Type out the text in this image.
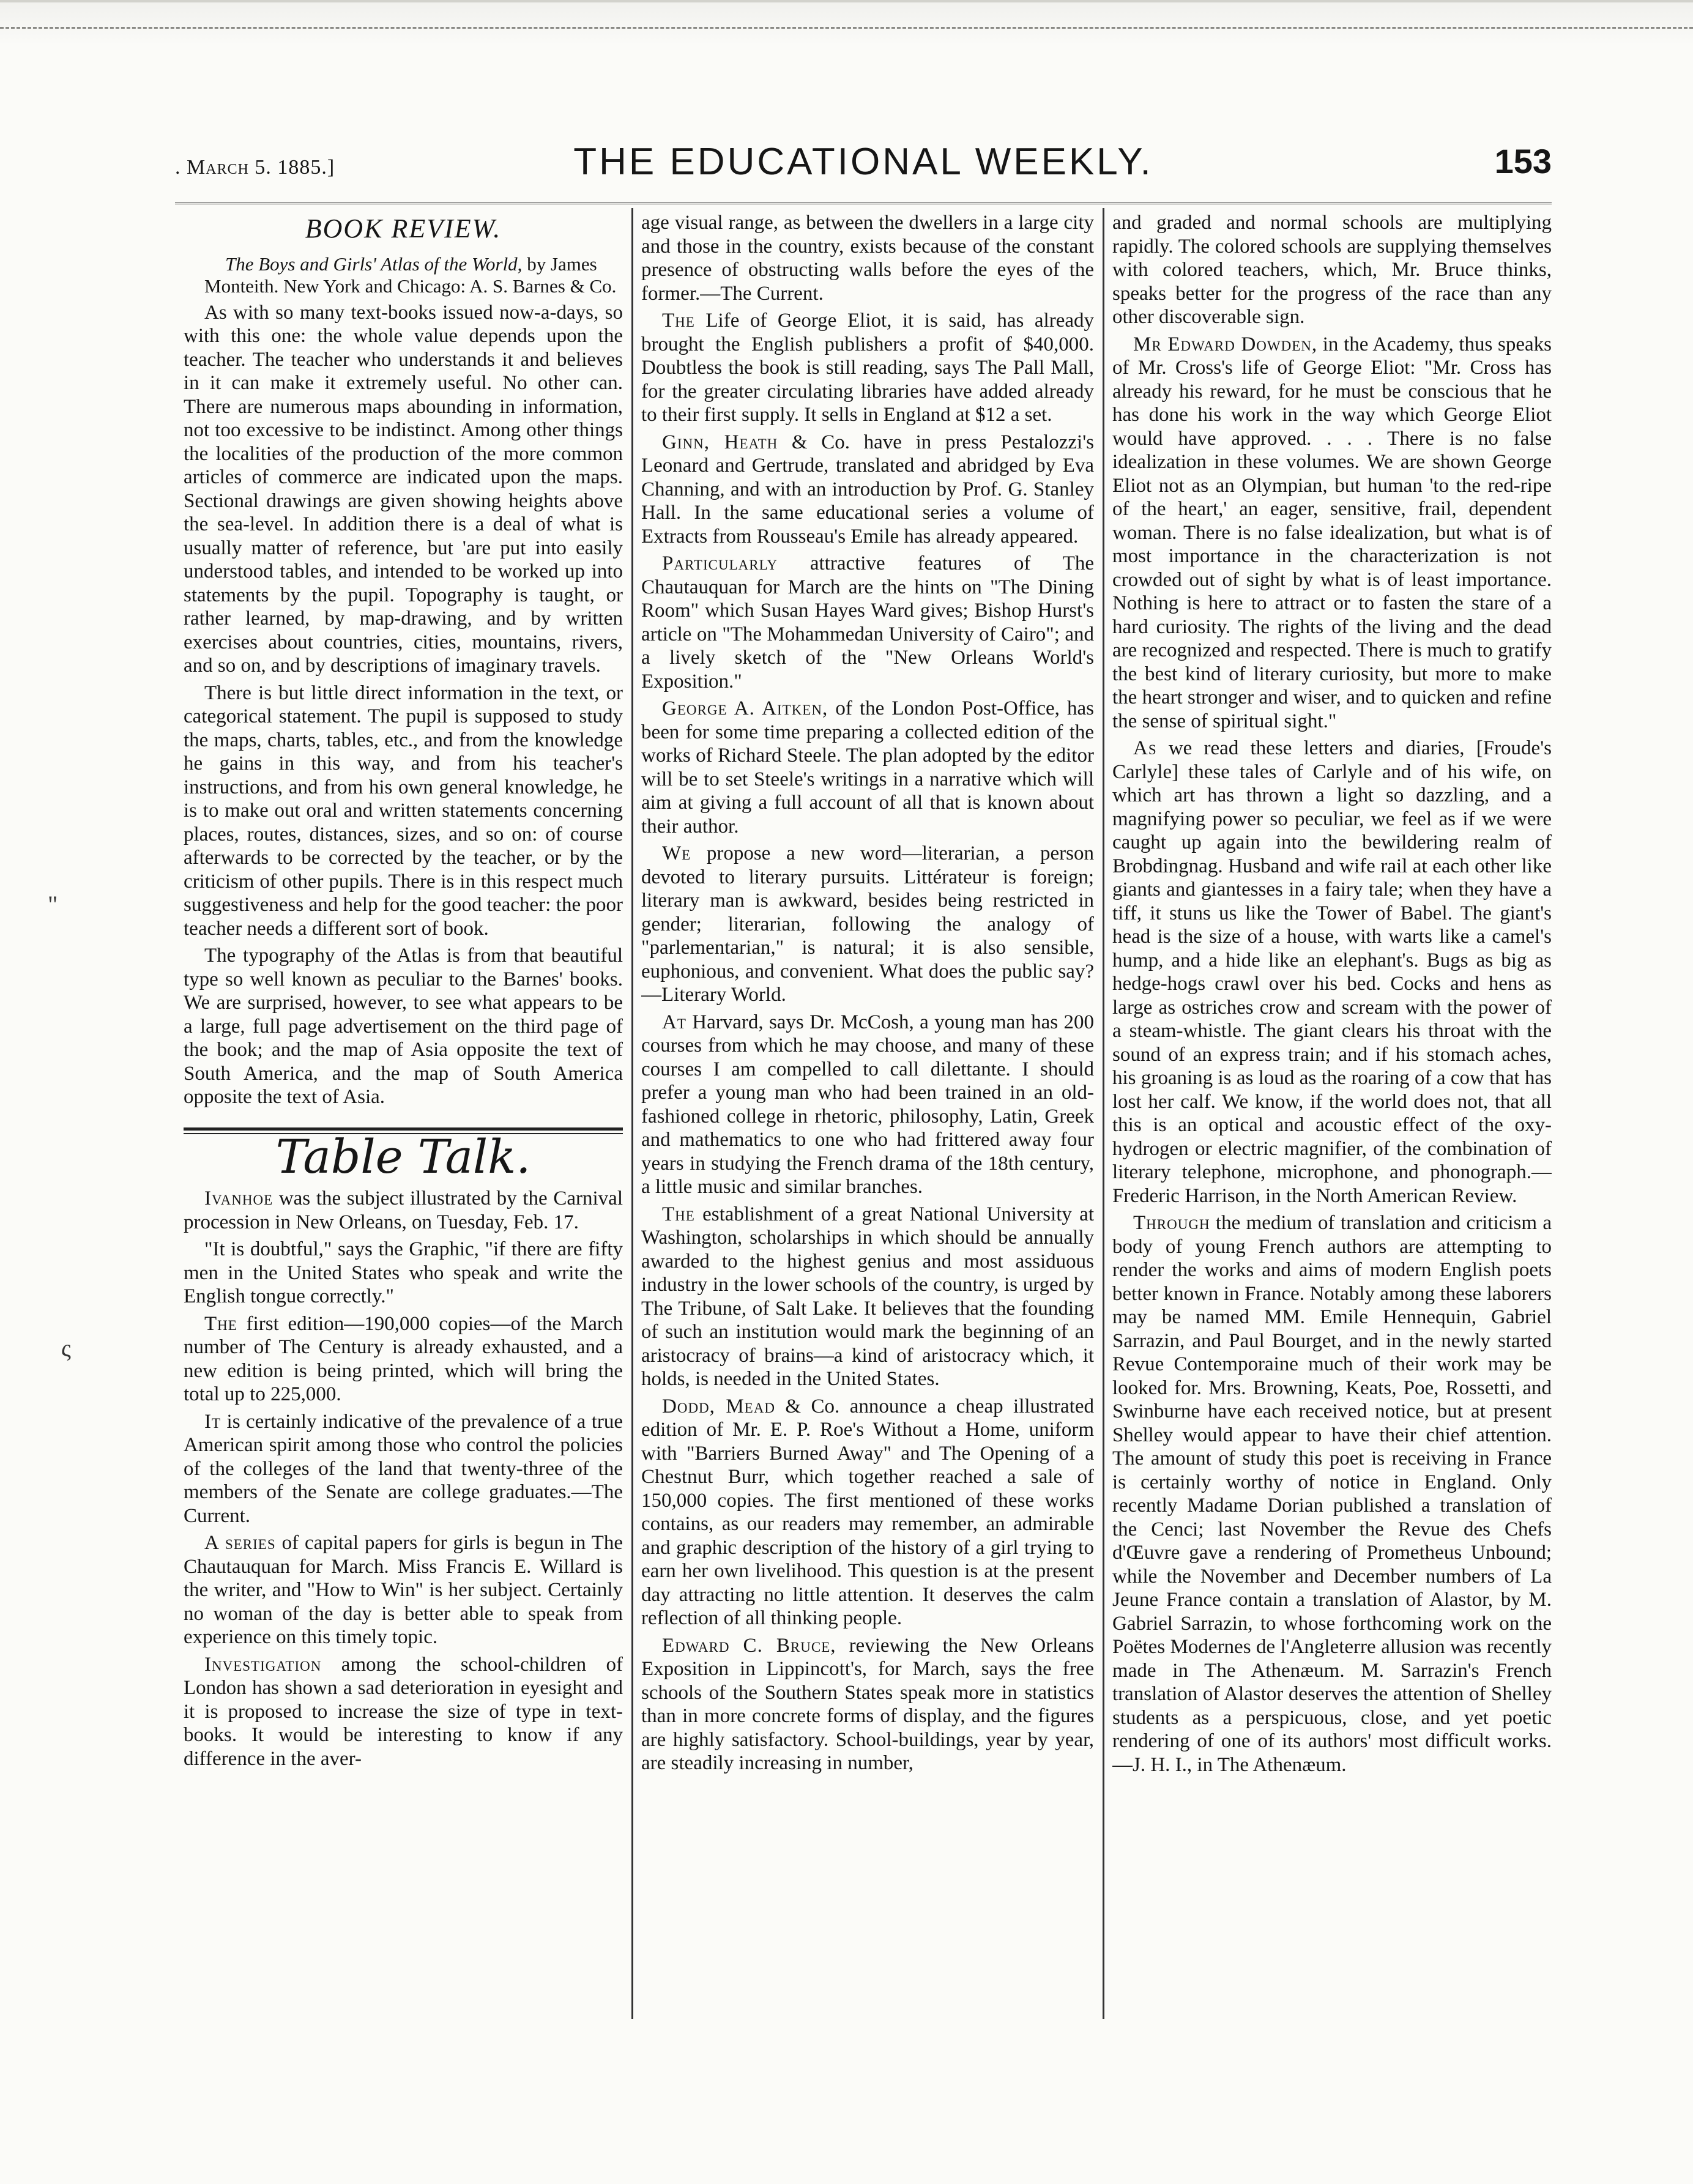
. March 5. 1885.]	THE EDUCATIONAL WEEKLY.	153
"
ς
BOOK REVIEW.

The Boys and Girls' Atlas of the World, by James Monteith. New York and Chicago: A. S. Barnes & Co.

As with so many text-books issued now-a-days, so with this one: the whole value depends upon the teacher. The teacher who understands it and believes in it can make it extremely useful. No other can. There are numerous maps abounding in information, not too excessive to be indistinct. Among other things the localities of the production of the more common articles of commerce are indicated upon the maps. Sectional drawings are given showing heights above the sea-level. In addition there is a deal of what is usually matter of reference, but 'are put into easily understood tables, and intended to be worked up into statements by the pupil. Topography is taught, or rather learned, by map-drawing, and by written exercises about countries, cities, mountains, rivers, and so on, and by descriptions of imaginary travels.

There is but little direct information in the text, or categorical statement. The pupil is supposed to study the maps, charts, tables, etc., and from the knowledge he gains in this way, and from his teacher's instructions, and from his own general knowledge, he is to make out oral and written statements concerning places, routes, distances, sizes, and so on: of course afterwards to be corrected by the teacher, or by the criticism of other pupils. There is in this respect much suggestiveness and help for the good teacher: the poor teacher needs a different sort of book.

The typography of the Atlas is from that beautiful type so well known as peculiar to the Barnes' books. We are surprised, however, to see what appears to be a large, full page advertisement on the third page of the book; and the map of Asia opposite the text of South America, and the map of South America opposite the text of Asia.

Table Talk.

Ivanhoe was the subject illustrated by the Carnival procession in New Orleans, on Tuesday, Feb. 17.

"It is doubtful," says the Graphic, "if there are fifty men in the United States who speak and write the English tongue correctly."

The first edition—190,000 copies—of the March number of The Century is already exhausted, and a new edition is being printed, which will bring the total up to 225,000.

It is certainly indicative of the prevalence of a true American spirit among those who control the policies of the colleges of the land that twenty-three of the members of the Senate are college graduates.—The Current.

A series of capital papers for girls is begun in The Chautauquan for March. Miss Francis E. Willard is the writer, and "How to Win" is her subject. Certainly no woman of the day is better able to speak from experience on this timely topic.

Investigation among the school-children of London has shown a sad deterioration in eyesight and it is proposed to increase the size of type in text-books. It would be interesting to know if any difference in the aver-

age visual range, as between the dwellers in a large city and those in the country, exists because of the constant presence of obstructing walls before the eyes of the former.—The Current.

The Life of George Eliot, it is said, has already brought the English publishers a profit of $40,000. Doubtless the book is still reading, says The Pall Mall, for the greater circulating libraries have added already to their first supply. It sells in England at $12 a set.

Ginn, Heath & Co. have in press Pestalozzi's Leonard and Gertrude, translated and abridged by Eva Channing, and with an introduction by Prof. G. Stanley Hall. In the same educational series a volume of Extracts from Rousseau's Emile has already appeared.

Particularly attractive features of The Chautauquan for March are the hints on "The Dining Room" which Susan Hayes Ward gives; Bishop Hurst's article on "The Mohammedan University of Cairo"; and a lively sketch of the "New Orleans World's Exposition."

George A. Aitken, of the London Post-Office, has been for some time preparing a collected edition of the works of Richard Steele. The plan adopted by the editor will be to set Steele's writings in a narrative which will aim at giving a full account of all that is known about their author.

We propose a new word—literarian, a person devoted to literary pursuits. Littérateur is foreign; literary man is awkward, besides being restricted in gender; literarian, following the analogy of "parlementarian," is natural; it is also sensible, euphonious, and convenient. What does the public say?—Literary World.

At Harvard, says Dr. McCosh, a young man has 200 courses from which he may choose, and many of these courses I am compelled to call dilettante. I should prefer a young man who had been trained in an old-fashioned college in rhetoric, philosophy, Latin, Greek and mathematics to one who had frittered away four years in studying the French drama of the 18th century, a little music and similar branches.

The establishment of a great National University at Washington, scholarships in which should be annually awarded to the highest genius and most assiduous industry in the lower schools of the country, is urged by The Tribune, of Salt Lake. It believes that the founding of such an institution would mark the beginning of an aristocracy of brains—a kind of aristocracy which, it holds, is needed in the United States.

Dodd, Mead & Co. announce a cheap illustrated edition of Mr. E. P. Roe's Without a Home, uniform with "Barriers Burned Away" and The Opening of a Chestnut Burr, which together reached a sale of 150,000 copies. The first mentioned of these works contains, as our readers may remember, an admirable and graphic description of the history of a girl trying to earn her own livelihood. This question is at the present day attracting no little attention. It deserves the calm reflection of all thinking people.

Edward C. Bruce, reviewing the New Orleans Exposition in Lippincott's, for March, says the free schools of the Southern States speak more in statistics than in more concrete forms of display, and the figures are highly satisfactory. School-buildings, year by year, are steadily increasing in number,

and graded and normal schools are multiplying rapidly. The colored schools are supplying themselves with colored teachers, which, Mr. Bruce thinks, speaks better for the progress of the race than any other discoverable sign.

Mr Edward Dowden, in the Academy, thus speaks of Mr. Cross's life of George Eliot: "Mr. Cross has already his reward, for he must be conscious that he has done his work in the way which George Eliot would have approved. . . . There is no false idealization in these volumes. We are shown George Eliot not as an Olympian, but human 'to the red-ripe of the heart,' an eager, sensitive, frail, dependent woman. There is no false idealization, but what is of most importance in the characterization is not crowded out of sight by what is of least importance. Nothing is here to attract or to fasten the stare of a hard curiosity. The rights of the living and the dead are recognized and respected. There is much to gratify the best kind of literary curiosity, but more to make the heart stronger and wiser, and to quicken and refine the sense of spiritual sight."

As we read these letters and diaries, [Froude's Carlyle] these tales of Carlyle and of his wife, on which art has thrown a light so dazzling, and a magnifying power so peculiar, we feel as if we were caught up again into the bewildering realm of Brobdingnag. Husband and wife rail at each other like giants and giantesses in a fairy tale; when they have a tiff, it stuns us like the Tower of Babel. The giant's head is the size of a house, with warts like a camel's hump, and a hide like an elephant's. Bugs as big as hedge-hogs crawl over his bed. Cocks and hens as large as ostriches crow and scream with the power of a steam-whistle. The giant clears his throat with the sound of an express train; and if his stomach aches, his groaning is as loud as the roaring of a cow that has lost her calf. We know, if the world does not, that all this is an optical and acoustic effect of the oxy-hydrogen or electric magnifier, of the combination of literary telephone, microphone, and phonograph.—Frederic Harrison, in the North American Review.

Through the medium of translation and criticism a body of young French authors are attempting to render the works and aims of modern English poets better known in France. Notably among these laborers may be named MM. Emile Hennequin, Gabriel Sarrazin, and Paul Bourget, and in the newly started Revue Contemporaine much of their work may be looked for. Mrs. Browning, Keats, Poe, Rossetti, and Swinburne have each received notice, but at present Shelley would appear to have their chief attention. The amount of study this poet is receiving in France is certainly worthy of notice in England. Only recently Madame Dorian published a translation of the Cenci; last November the Revue des Chefs d'Œuvre gave a rendering of Prometheus Unbound; while the November and December numbers of La Jeune France contain a translation of Alastor, by M. Gabriel Sarrazin, to whose forthcoming work on the Poëtes Modernes de l'Angleterre allusion was recently made in The Athenæum. M. Sarrazin's French translation of Alastor deserves the attention of Shelley students as a perspicuous, close, and yet poetic rendering of one of its authors' most difficult works.—J. H. I., in The Athenæum.
